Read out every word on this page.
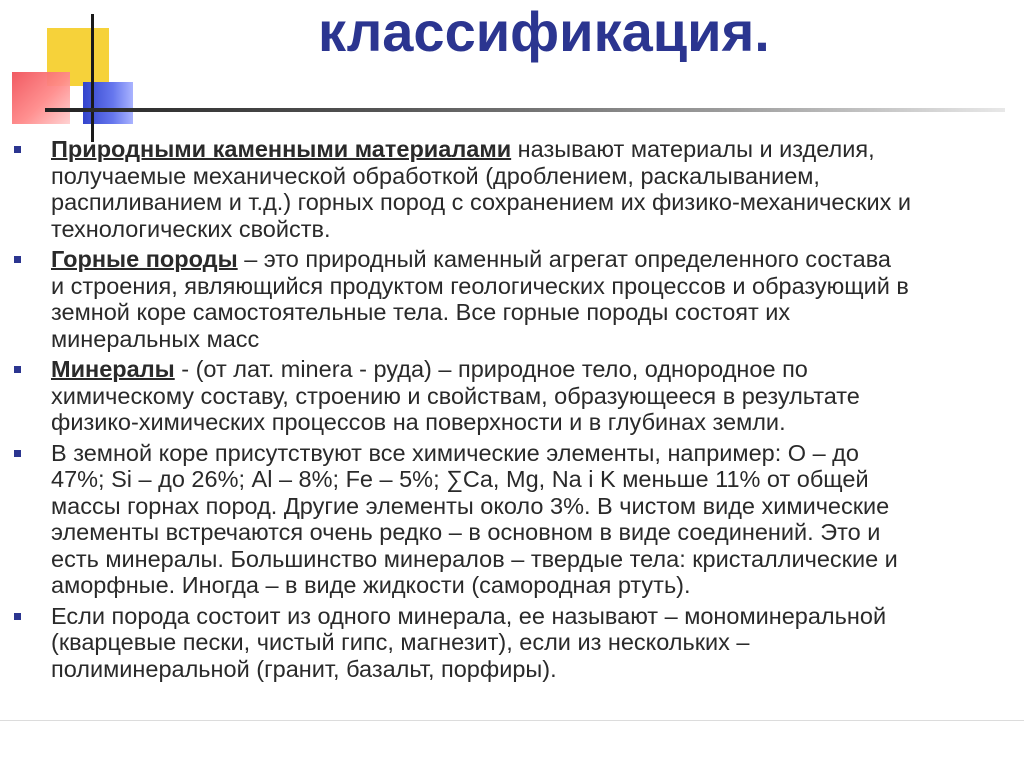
классификация.
Природными каменными материалами называют материалы и изделия,
получаемые механической обработкой (дроблением, раскалыванием,
распиливанием и т.д.) горных пород с сохранением их физико-механических и
технологических свойств.
Горные породы – это природный каменный агрегат определенного состава
и строения, являющийся продуктом геологических процессов и образующий в
земной коре самостоятельные тела. Все горные породы состоят их
минеральных масс
Минералы - (от лат. minera - руда) – природное тело, однородное по
химическому составу, строению и свойствам, образующееся в результате
физико-химических процессов на поверхности и в глубинах земли.
В земной коре присутствуют все химические элементы, например: O – до
47%; Si – до 26%; Al – 8%; Fe – 5%; ∑Ca, Mg, Na і K меньше 11% от общей
массы горнах пород. Другие элементы около 3%. В чистом виде химические
элементы встречаются очень редко – в основном в виде соединений. Это и
есть минералы. Большинство минералов – твердые тела: кристаллические и
аморфные. Иногда – в виде жидкости (самородная ртуть).
Если порода состоит из одного минерала, ее называют – мономинеральной
(кварцевые пески, чистый гипс, магнезит), если из нескольких –
полиминеральной (гранит, базальт, порфиры).
